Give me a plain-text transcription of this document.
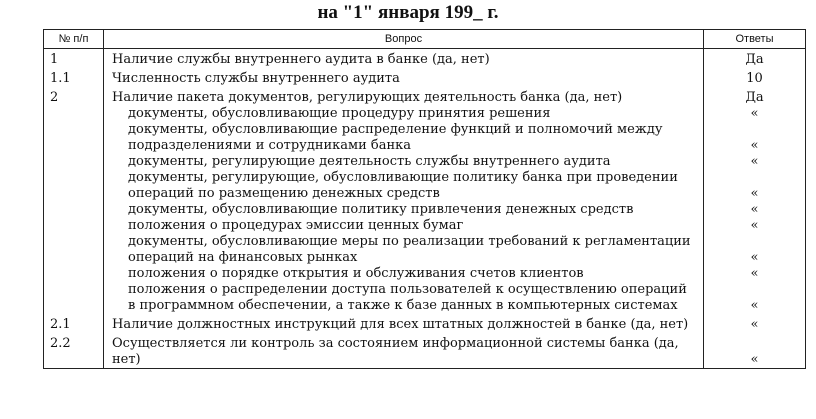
на "1" января 199_ г.
№ п/п	Вопрос	Ответы
1	Наличие службы внутреннего аудита в банке (да, нет)	Да
1.1	Численность службы внутреннего аудита	10
2	Наличие пакета документов, регулирующих деятельность банка (да, нет)	Да
	документы, обусловливающие процедуру принятия решения	«
	документы, обусловливающие распределение функций и полномочий между подразделениями и сотрудниками банка	«
	документы, регулирующие деятельность службы внутреннего аудита	«
	документы, регулирующие, обусловливающие политику банка при проведении операций по размещению денежных средств	«
	документы, обусловливающие политику привлечения денежных средств	«
	положения о процедурах эмиссии ценных бумаг	«
	документы, обусловливающие меры по реализации требований к регламентации операций на финансовых рынках	«
	положения о порядке открытия и обслуживания счетов клиентов	«
	положения о распределении доступа пользователей к осуществлению операций в программном обеспечении, а также к базе данных в компьютерных системах	«
2.1	Наличие должностных инструкций для всех штатных должностей в банке (да, нет)	«
2.2	Осуществляется ли контроль за состоянием информационной системы банка (да, нет)	«
